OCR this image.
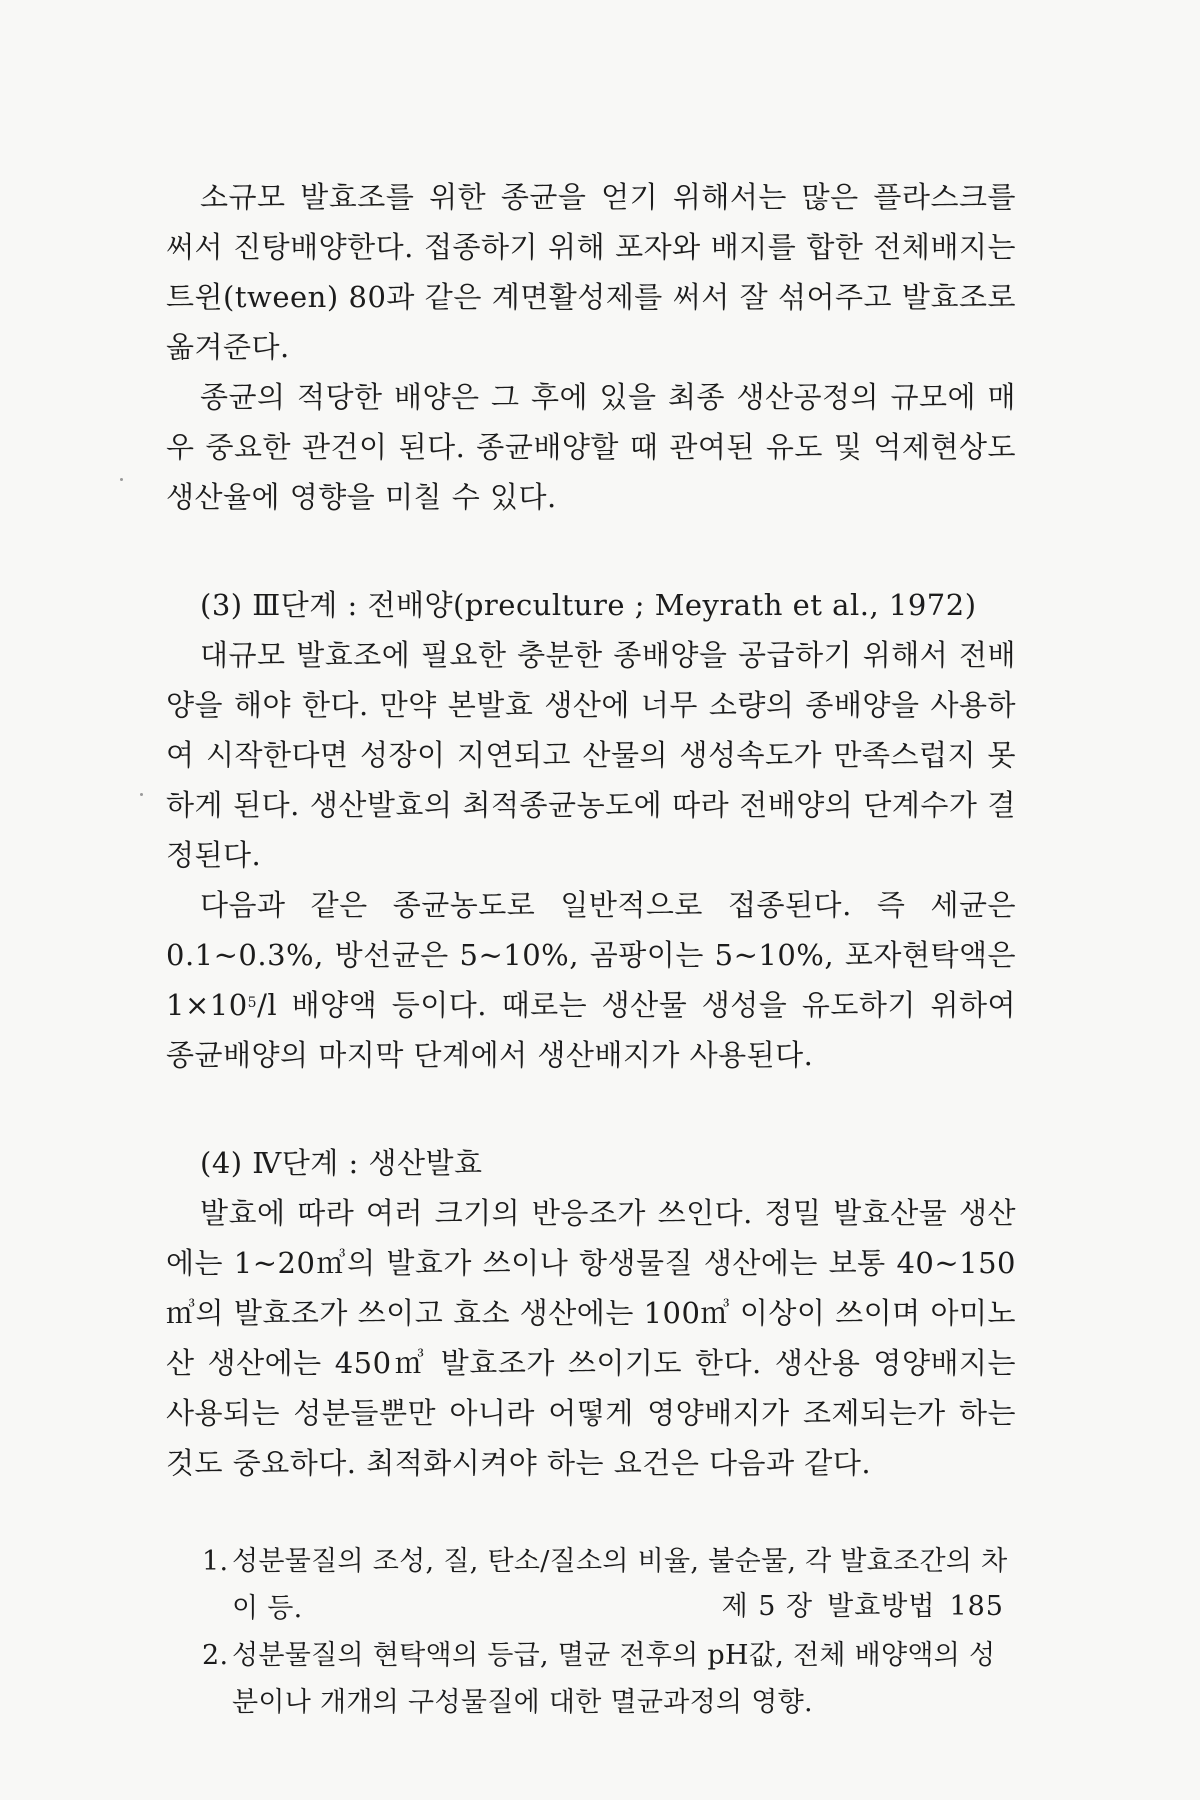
소규모 발효조를 위한 종균을 얻기 위해서는 많은 플라스크를 써서 진탕배양한다. 접종하기 위해 포자와 배지를 합한 전체배지는 트윈(tween) 80과 같은 계면활성제를 써서 잘 섞어주고 발효조로 옮겨준다.

종균의 적당한 배양은 그 후에 있을 최종 생산공정의 규모에 매우 중요한 관건이 된다. 종균배양할 때 관여된 유도 및 억제현상도 생산율에 영향을 미칠 수 있다.

(3) Ⅲ단계 : 전배양(preculture ; Meyrath et al., 1972)

대규모 발효조에 필요한 충분한 종배양을 공급하기 위해서 전배양을 해야 한다. 만약 본발효 생산에 너무 소량의 종배양을 사용하여 시작한다면 성장이 지연되고 산물의 생성속도가 만족스럽지 못하게 된다. 생산발효의 최적종균농도에 따라 전배양의 단계수가 결정된다.

다음과 같은 종균농도로 일반적으로 접종된다. 즉 세균은 0.1~0.3%, 방선균은 5~10%, 곰팡이는 5~10%, 포자현탁액은 $1\times 10^5/l$ 배양액 등이다. 때로는 생산물 생성을 유도하기 위하여 종균배양의 마지막 단계에서 생산배지가 사용된다.

(4) Ⅳ단계 : 생산발효

발효에 따라 여러 크기의 반응조가 쓰인다. 정밀 발효산물 생산에는 1~20㎥의 발효가 쓰이나 항생물질 생산에는 보통 40~150㎥의 발효조가 쓰이고 효소 생산에는 100㎥ 이상이 쓰이며 아미노산 생산에는 450㎥ 발효조가 쓰이기도 한다. 생산용 영양배지는 사용되는 성분들뿐만 아니라 어떻게 영양배지가 조제되는가 하는 것도 중요하다. 최적화시켜야 하는 요건은 다음과 같다.

1. 성분물질의 조성, 질, 탄소/질소의 비율, 불순물, 각 발효조간의 차이 등.
2. 성분물질의 현탁액의 등급, 멸균 전후의 pH값, 전체 배양액의 성분이나 개개의 구성물질에 대한 멸균과정의 영향.
제 5 장 발효방법 185
